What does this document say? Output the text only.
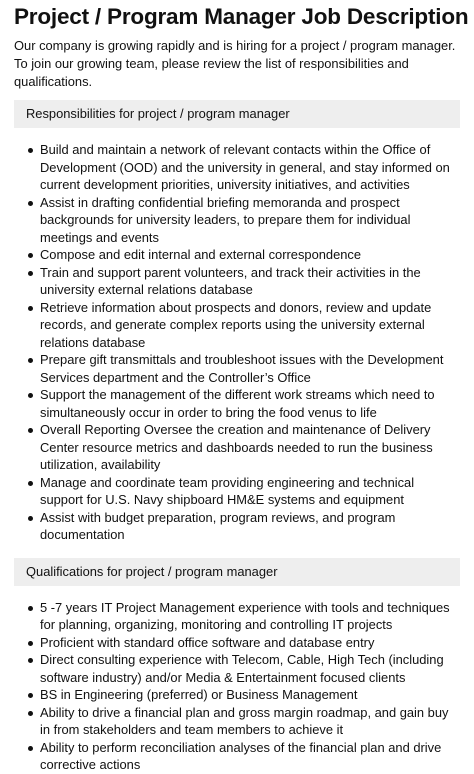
Project / Program Manager Job Description

Our company is growing rapidly and is hiring for a project / program manager. To join our growing team, please review the list of responsibilities and qualifications.

Responsibilities for project / program manager
Build and maintain a network of relevant contacts within the Office of Development (OOD) and the university in general, and stay informed on current development priorities, university initiatives, and activities
Assist in drafting confidential briefing memoranda and prospect backgrounds for university leaders, to prepare them for individual meetings and events
Compose and edit internal and external correspondence
Train and support parent volunteers, and track their activities in the university external relations database
Retrieve information about prospects and donors, review and update records, and generate complex reports using the university external relations database
Prepare gift transmittals and troubleshoot issues with the Development Services department and the Controller’s Office
Support the management of the different work streams which need to simultaneously occur in order to bring the food venus to life
Overall Reporting Oversee the creation and maintenance of Delivery Center resource metrics and dashboards needed to run the business utilization, availability
Manage and coordinate team providing engineering and technical support for U.S. Navy shipboard HM&E systems and equipment
Assist with budget preparation, program reviews, and program documentation
Qualifications for project / program manager
5 -7 years IT Project Management experience with tools and techniques for planning, organizing, monitoring and controlling IT projects
Proficient with standard office software and database entry
Direct consulting experience with Telecom, Cable, High Tech (including software industry) and/or Media & Entertainment focused clients
BS in Engineering (preferred) or Business Management
Ability to drive a financial plan and gross margin roadmap, and gain buy in from stakeholders and team members to achieve it
Ability to perform reconciliation analyses of the financial plan and drive corrective actions
